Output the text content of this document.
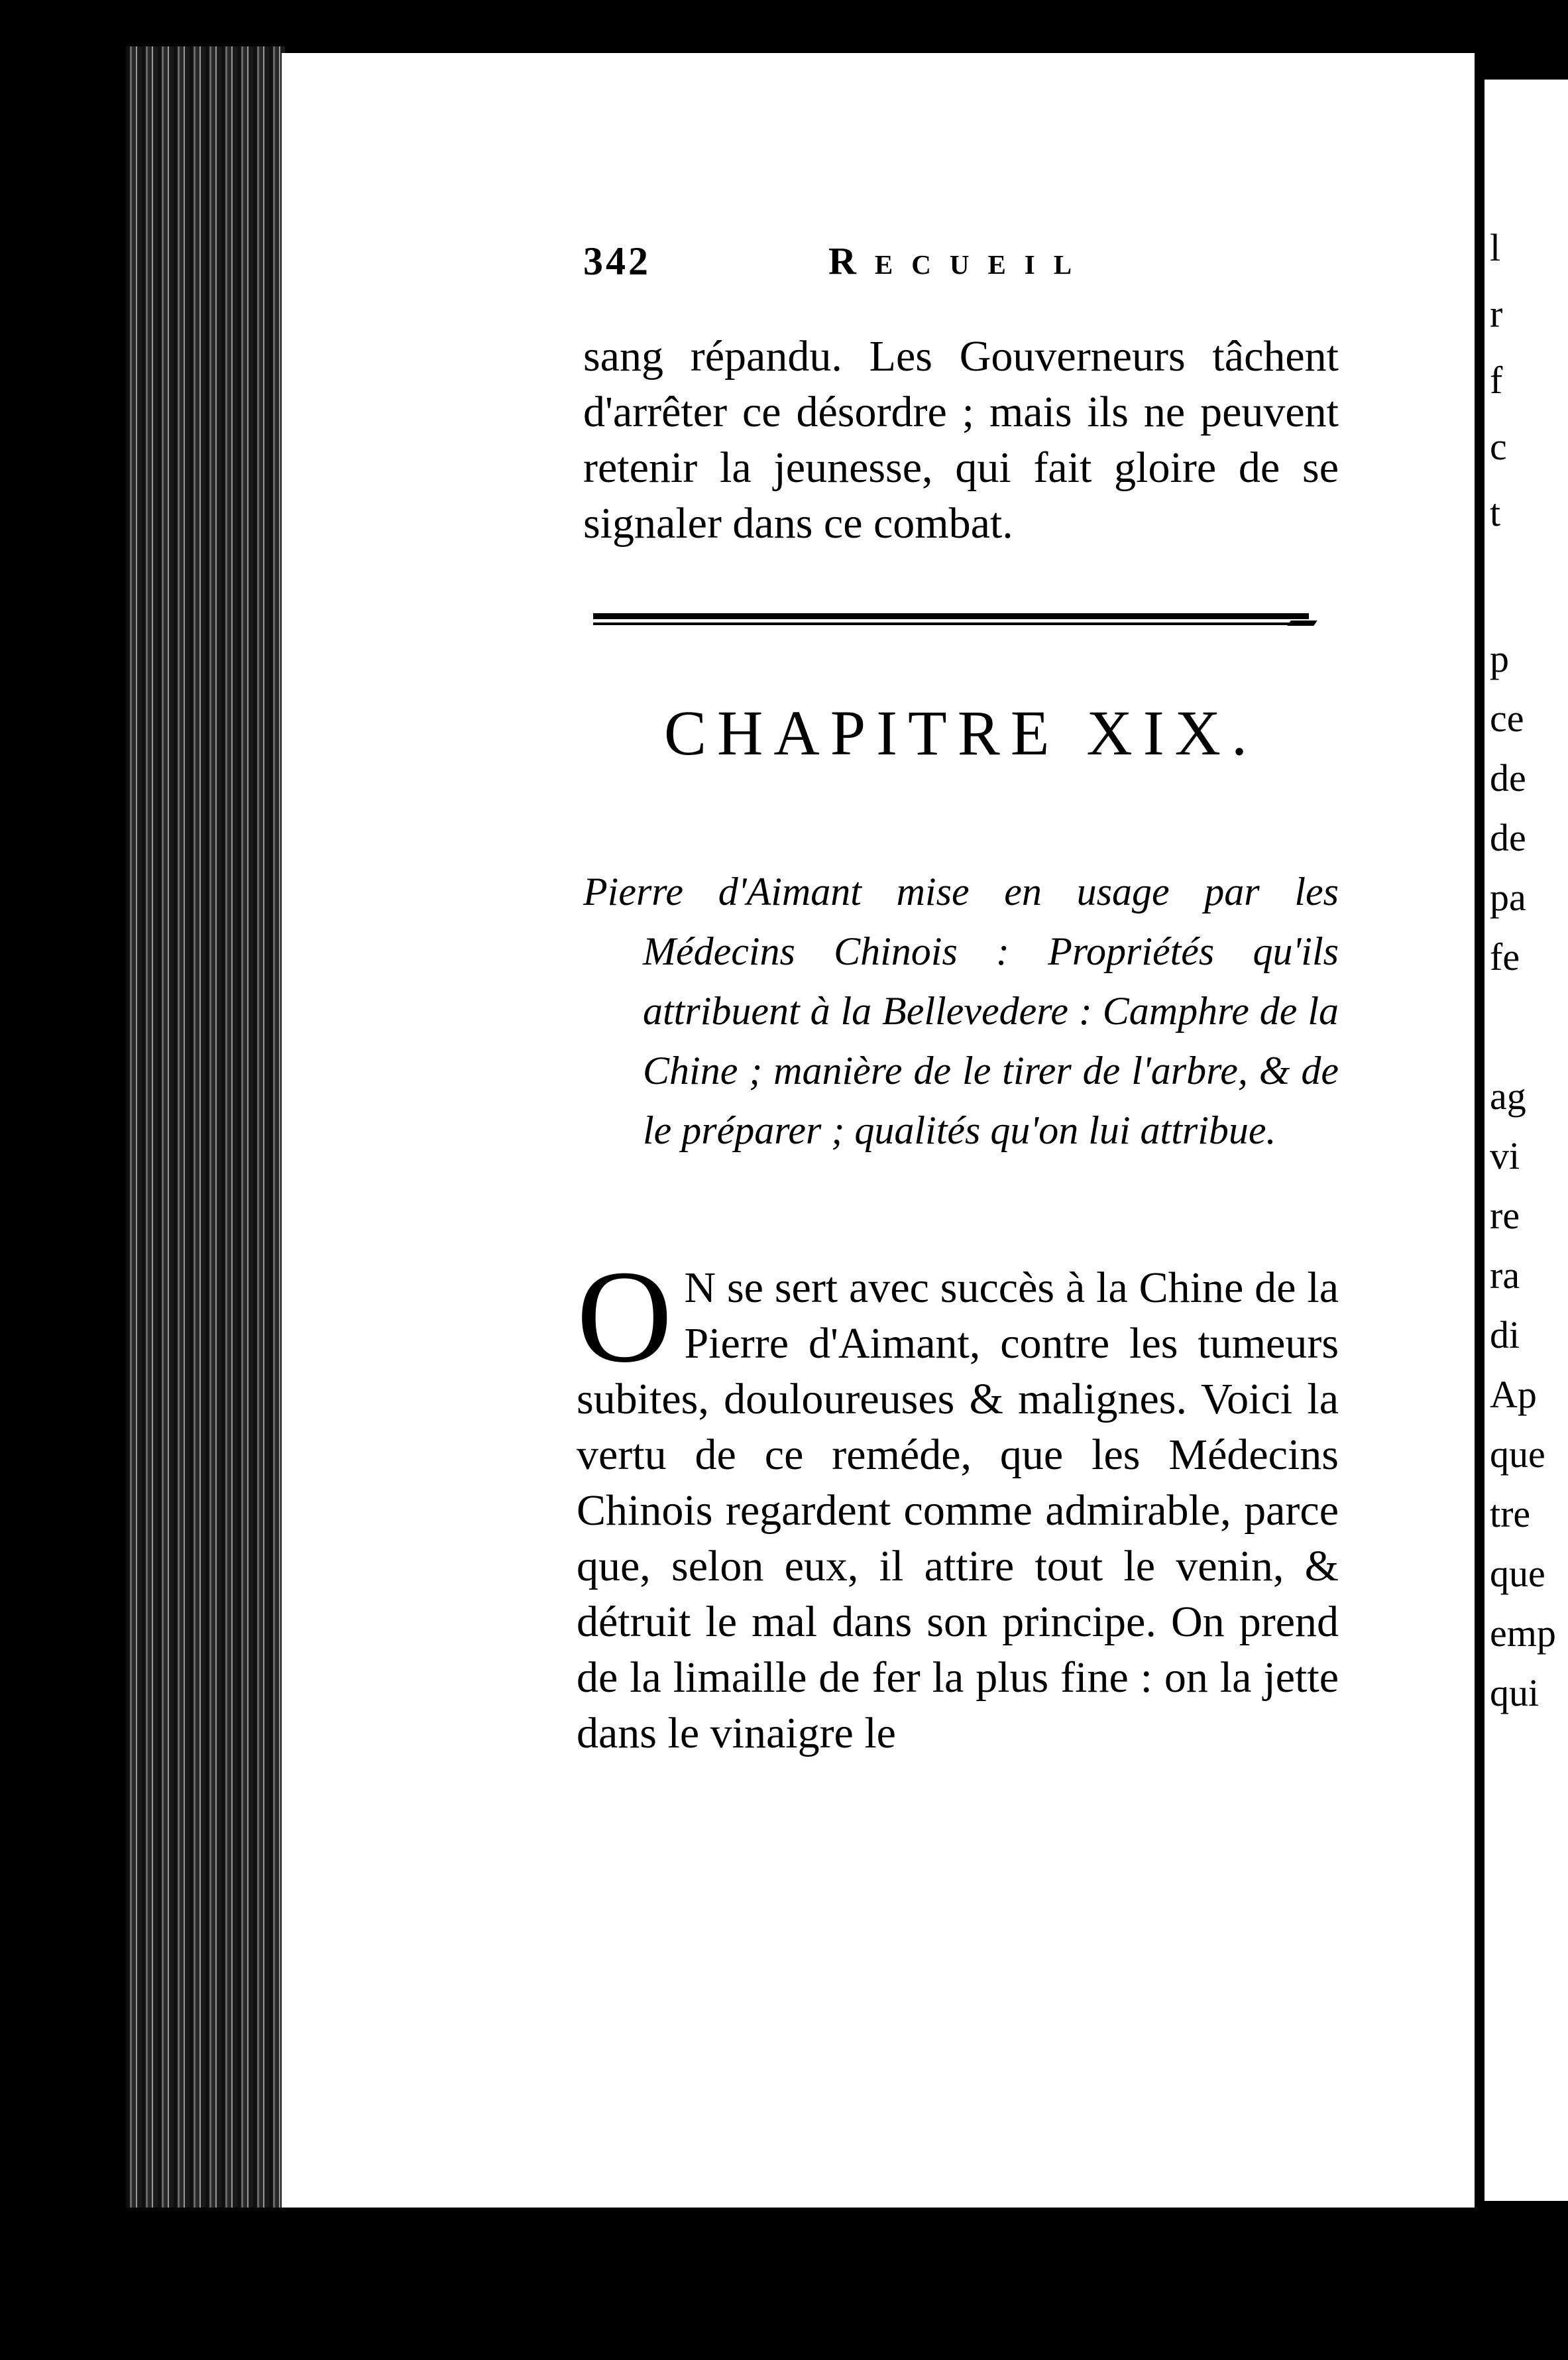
l
r
f
c
t
p
ce
de
de
pa
fe
ag
vi
re
ra
di
Ap
que
tre
que
emp
qui
342	Recueil

sang répandu. Les Gouverneurs tâchent d'arrêter ce désordre ; mais ils ne peuvent retenir la jeunesse, qui fait gloire de se signaler dans ce combat.

CHAPITRE XIX.

Pierre d'Aimant mise en usage par les Médecins Chinois : Propriétés qu'ils attribuent à la Bellevedere : Camphre de la Chine ; manière de le tirer de l'arbre, & de le préparer ; qualités qu'on lui attribue.

O N se sert avec succès à la Chine de la Pierre d'Aimant, contre les tumeurs subites, douloureuses & malignes. Voici la vertu de ce reméde, que les Médecins Chinois regardent comme admirable, parce que, selon eux, il attire tout le venin, & détruit le mal dans son principe. On prend de la limaille de fer la plus fine : on la jette dans le vinaigre le
